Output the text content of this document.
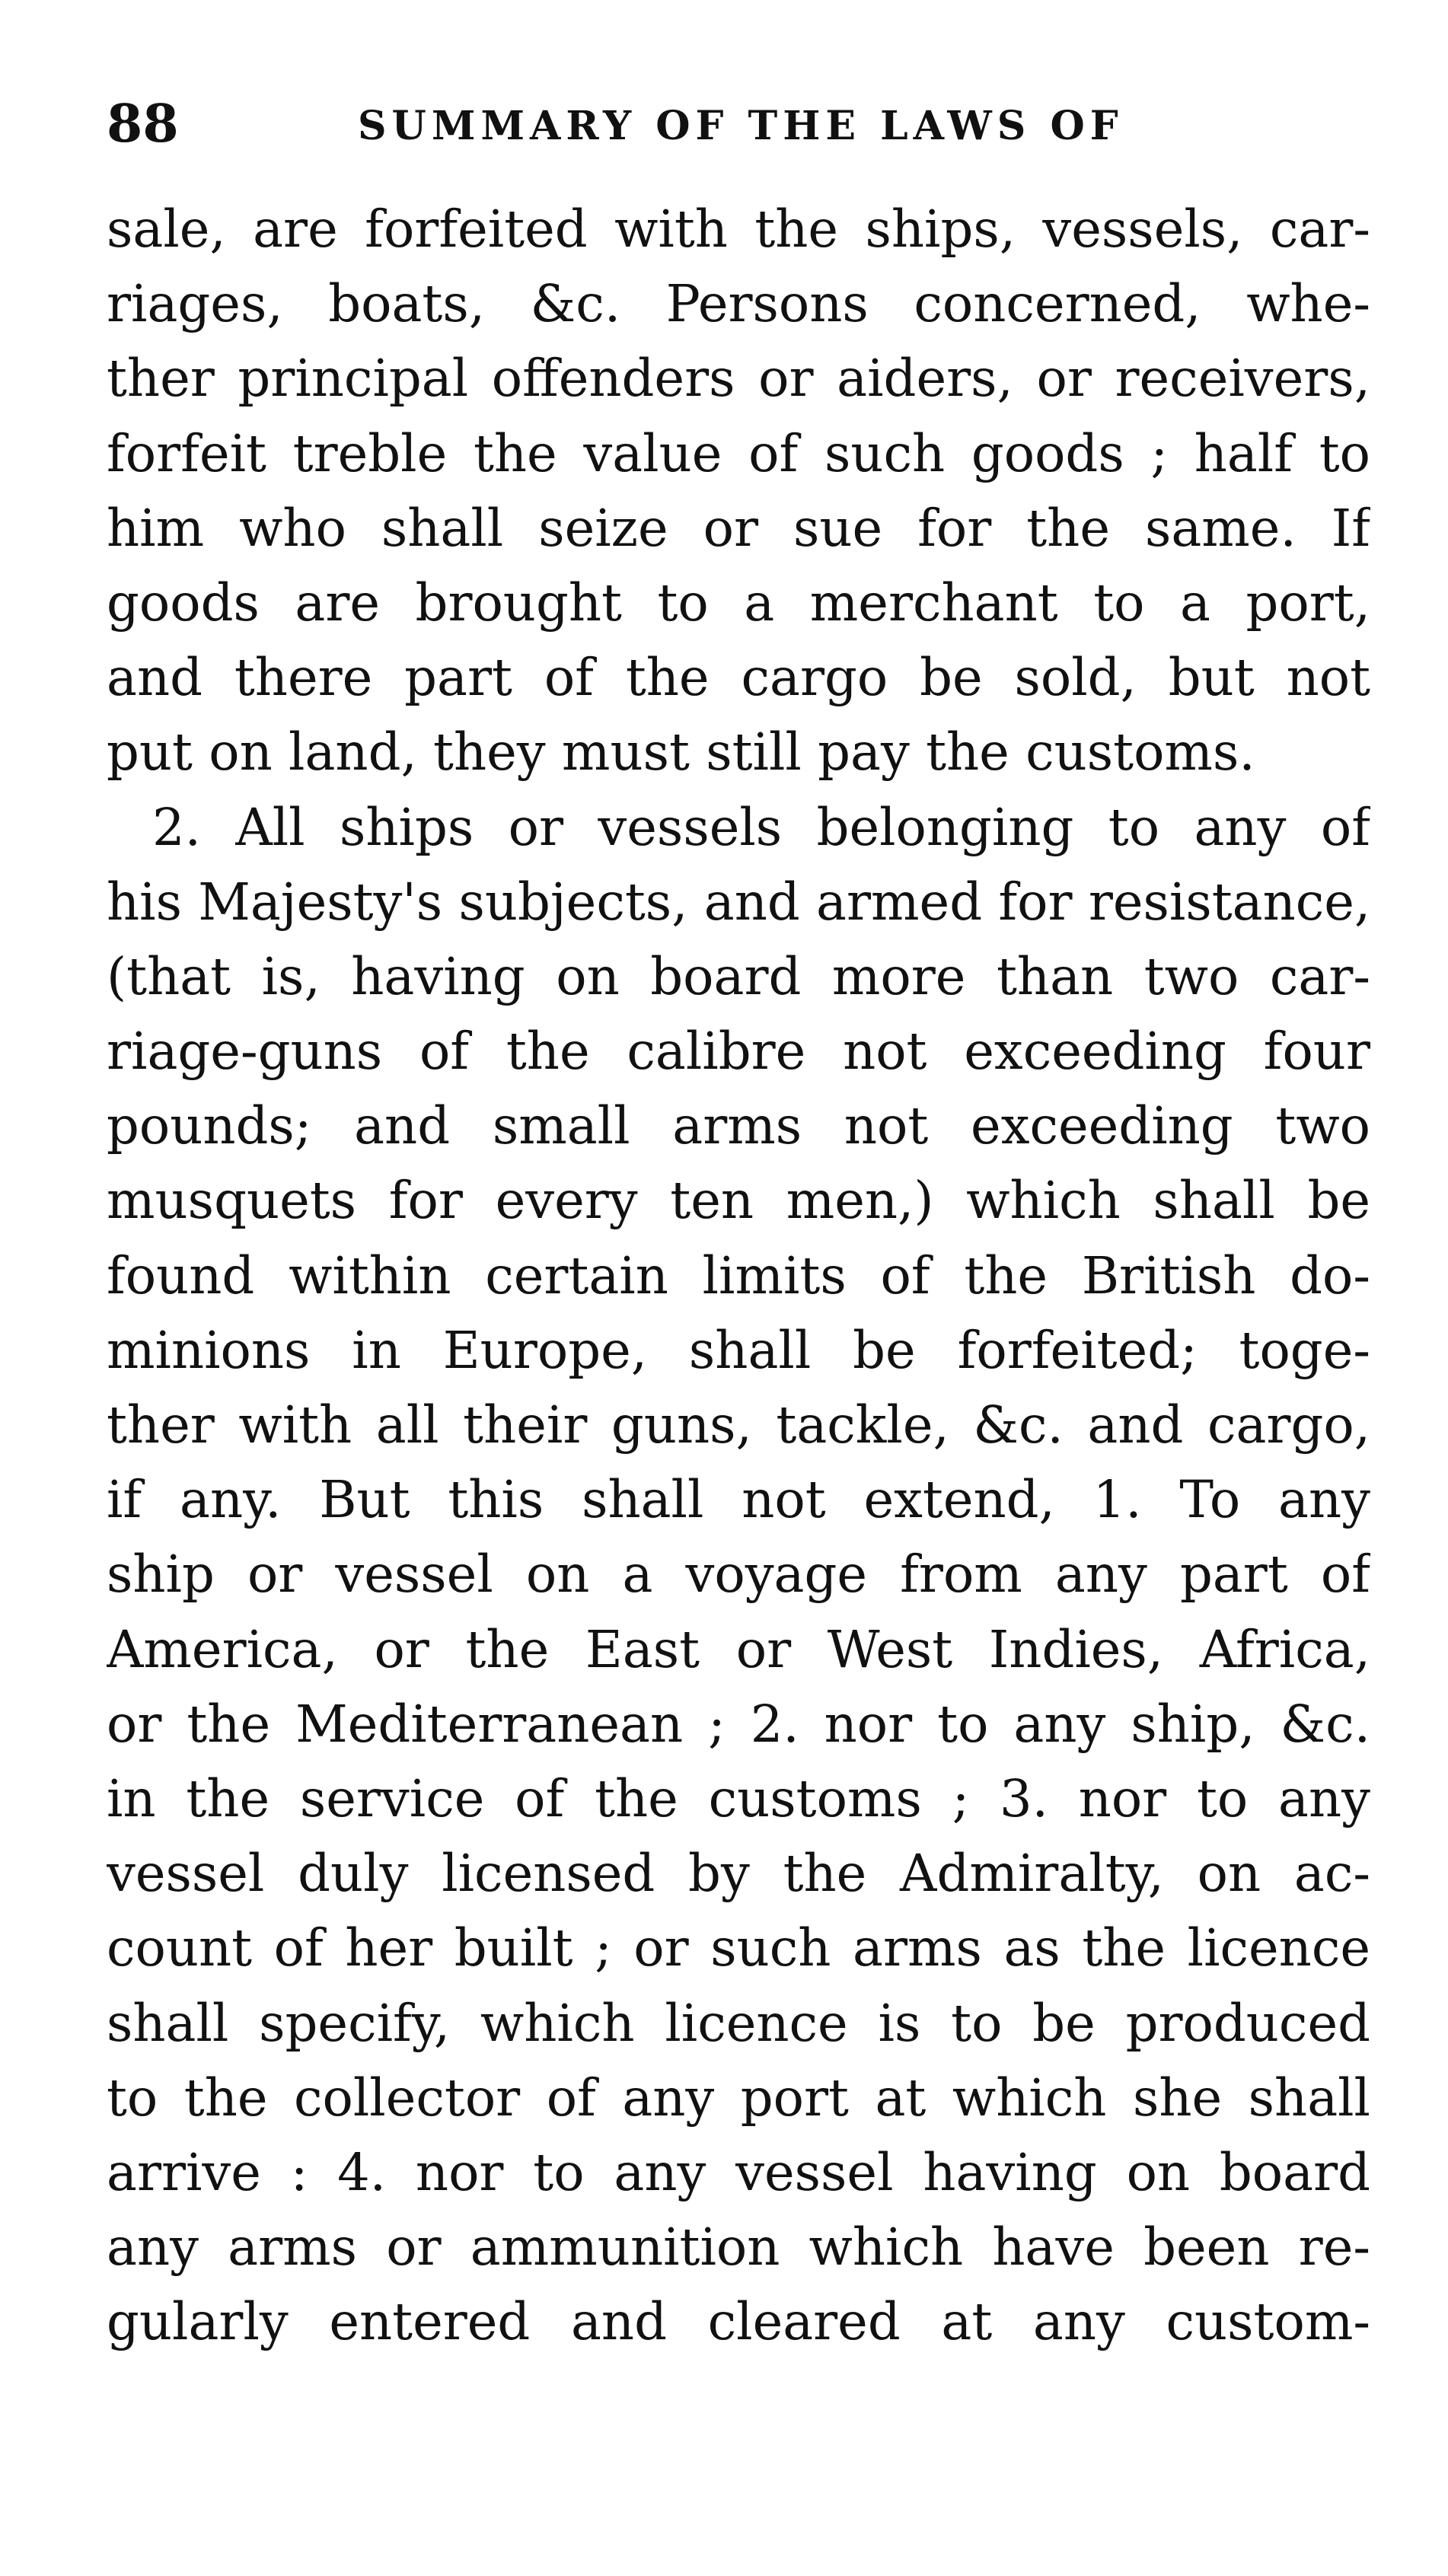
88	SUMMARY OF THE LAWS OF
sale, are forfeited with the ships, vessels, car-
riages, boats, &c. Persons concerned, whe-
ther principal offenders or aiders, or receivers,
forfeit treble the value of such goods ; half to
him who shall seize or sue for the same. If
goods are brought to a merchant to a port,
and there part of the cargo be sold, but not
put on land, they must still pay the customs.
2. All ships or vessels belonging to any of
his Majesty's subjects, and armed for resistance,
(that is, having on board more than two car-
riage-guns of the calibre not exceeding four
pounds; and small arms not exceeding two
musquets for every ten men,) which shall be
found within certain limits of the British do-
minions in Europe, shall be forfeited; toge-
ther with all their guns, tackle, &c. and cargo,
if any. But this shall not extend, 1. To any
ship or vessel on a voyage from any part of
America, or the East or West Indies, Africa,
or the Mediterranean ; 2. nor to any ship, &c.
in the service of the customs ; 3. nor to any
vessel duly licensed by the Admiralty, on ac-
count of her built ; or such arms as the licence
shall specify, which licence is to be produced
to the collector of any port at which she shall
arrive : 4. nor to any vessel having on board
any arms or ammunition which have been re-
gularly entered and cleared at any custom-
